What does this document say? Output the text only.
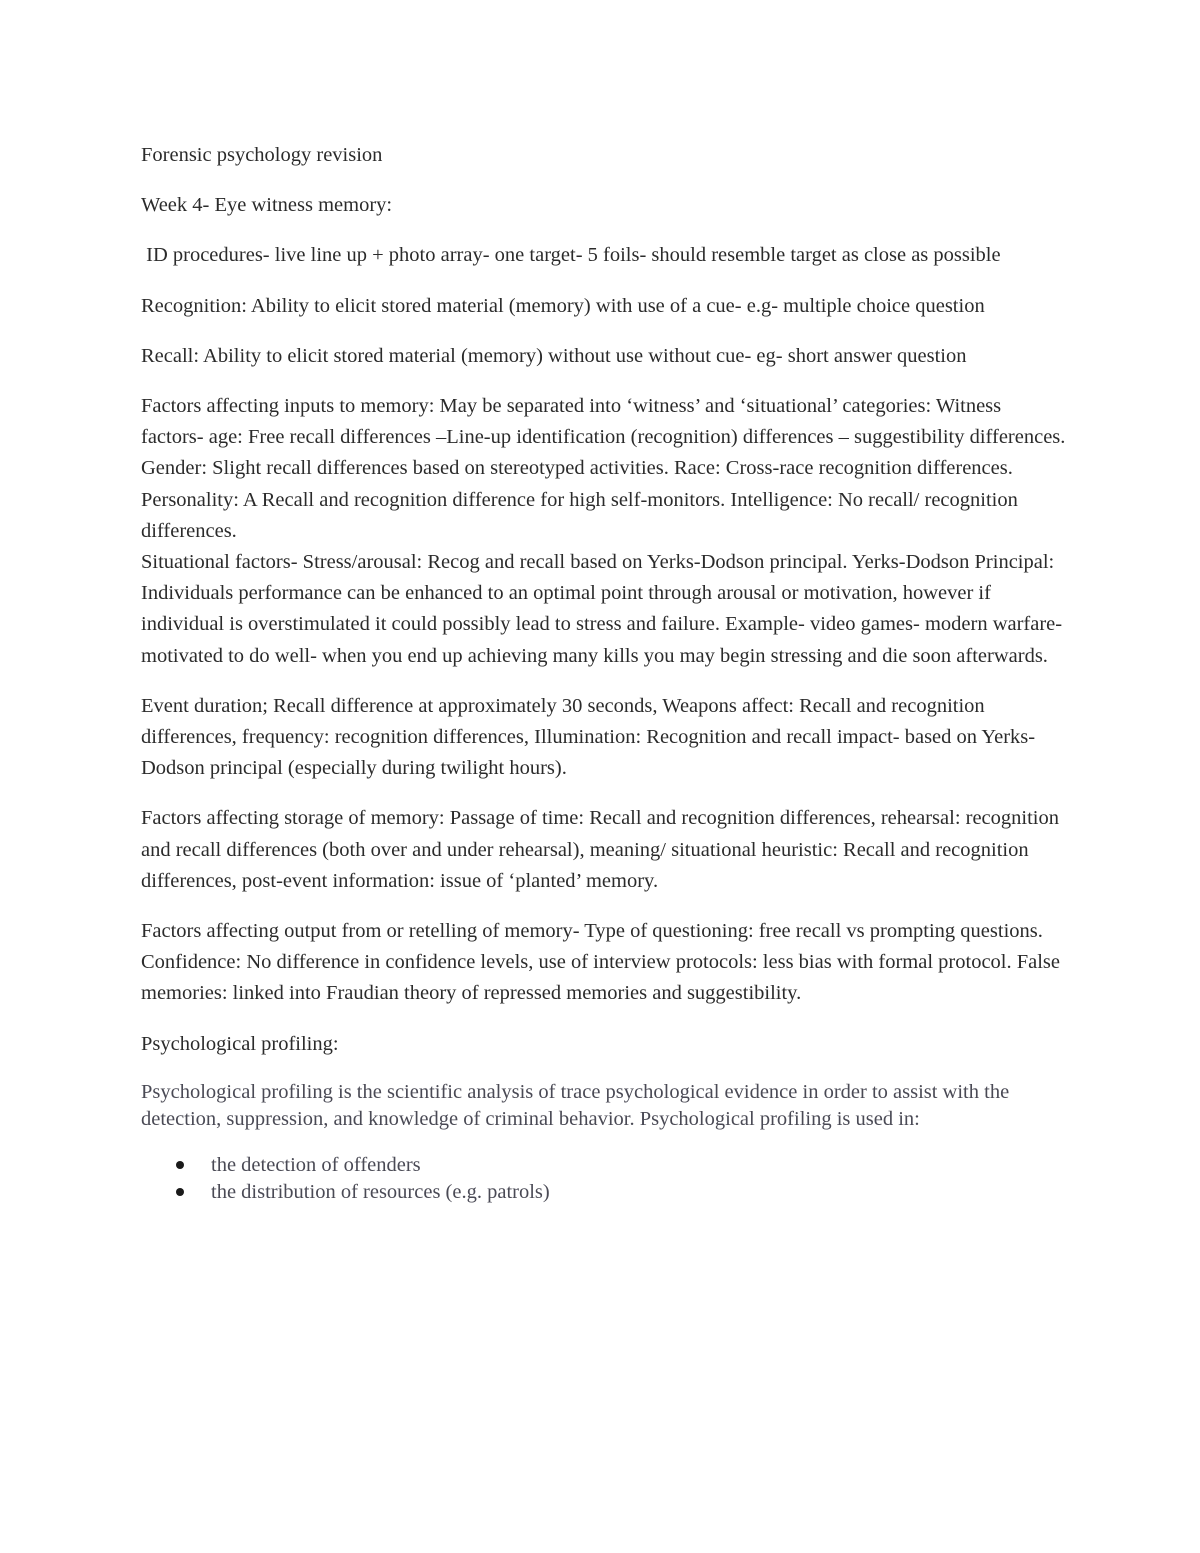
Forensic psychology revision

Week 4- Eye witness memory:

ID procedures- live line up + photo array- one target- 5 foils- should resemble target as close as possible

Recognition: Ability to elicit stored material (memory) with use of a cue- e.g- multiple choice question

Recall: Ability to elicit stored material (memory) without use without cue- eg- short answer question

Factors affecting inputs to memory: May be separated into ‘witness’ and ‘situational’ categories: Witness factors- age: Free recall differences –Line-up identification (recognition) differences – suggestibility differences. Gender: Slight recall differences based on stereotyped activities. Race: Cross-race recognition differences. Personality: A Recall and recognition difference for high self-monitors. Intelligence: No recall/ recognition differences.

Situational factors- Stress/arousal: Recog and recall based on Yerks-Dodson principal. Yerks-Dodson Principal: Individuals performance can be enhanced to an optimal point through arousal or motivation, however if individual is overstimulated it could possibly lead to stress and failure. Example- video games- modern warfare- motivated to do well- when you end up achieving many kills you may begin stressing and die soon afterwards.

Event duration; Recall difference at approximately 30 seconds, Weapons affect: Recall and recognition differences, frequency: recognition differences, Illumination: Recognition and recall impact- based on Yerks-Dodson principal (especially during twilight hours).

Factors affecting storage of memory: Passage of time: Recall and recognition differences, rehearsal: recognition and recall differences (both over and under rehearsal), meaning/ situational heuristic: Recall and recognition differences, post-event information: issue of ‘planted’ memory.

Factors affecting output from or retelling of memory- Type of questioning: free recall vs prompting questions. Confidence: No difference in confidence levels, use of interview protocols: less bias with formal protocol. False memories: linked into Fraudian theory of repressed memories and suggestibility.

Psychological profiling:

Psychological profiling is the scientific analysis of trace psychological evidence in order to assist with the detection, suppression, and knowledge of criminal behavior. Psychological profiling is used in:

the detection of offenders
the distribution of resources (e.g. patrols)
